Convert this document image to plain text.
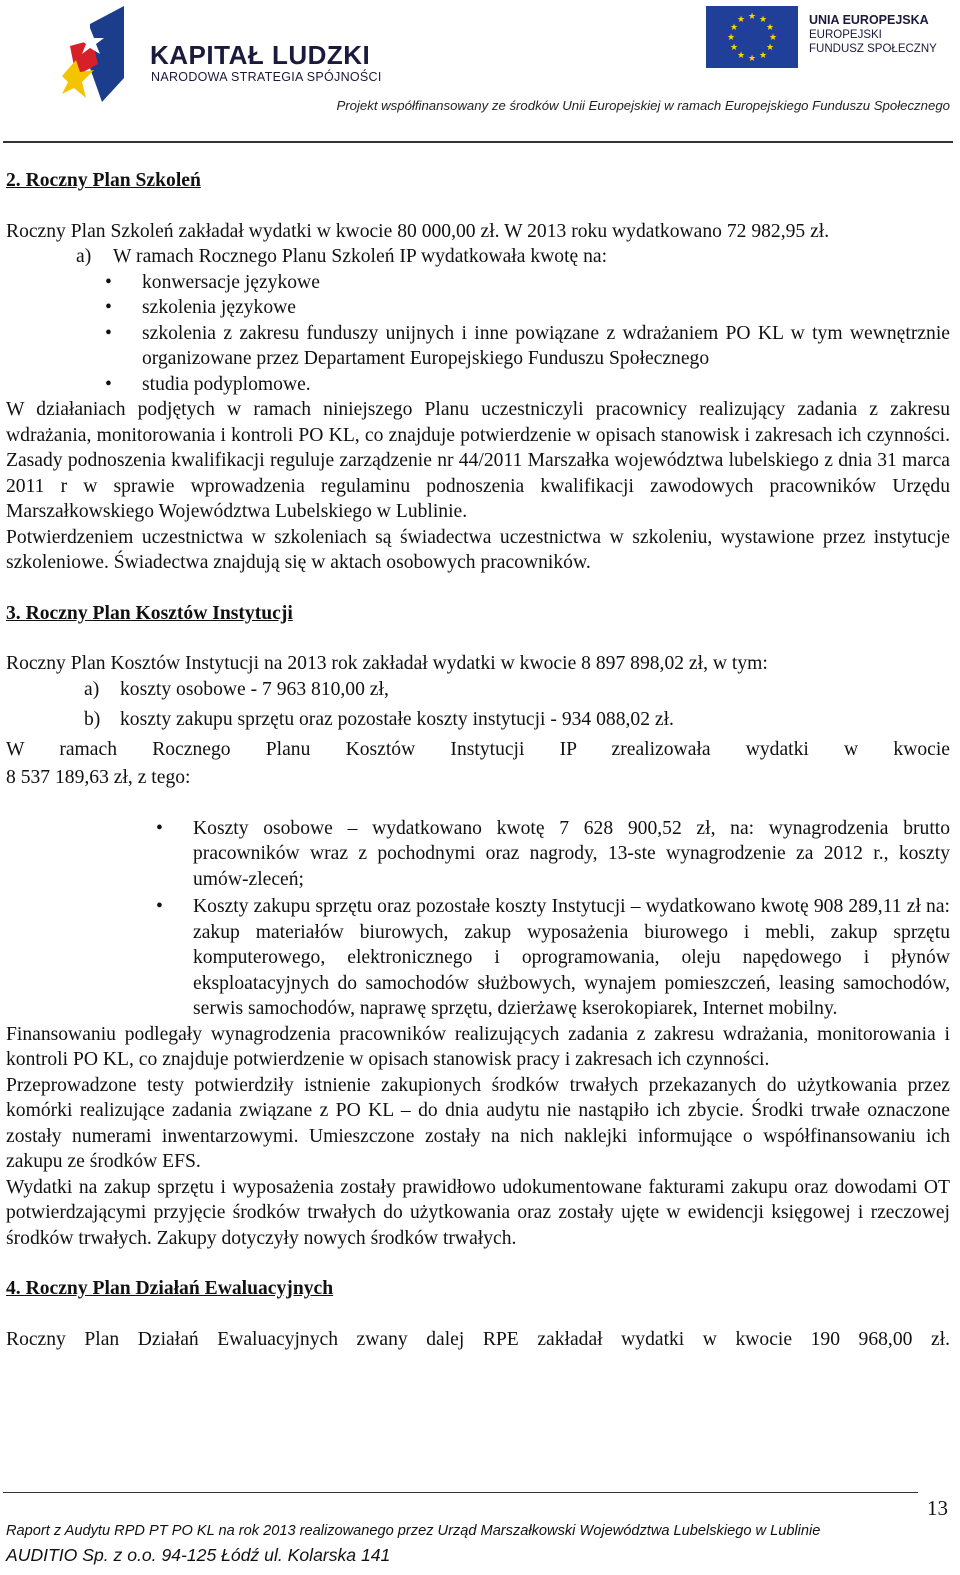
KAPITAŁ LUDZKI
NARODOWA STRATEGIA SPÓJNOŚCI
★ ★
★
★
★
★
★
★
★
★
★
★	UNIA EUROPEJSKA
EUROPEJSKI
FUNDUSZ SPOŁECZNY
Projekt współfinansowany ze środków Unii Europejskiej w ramach Europejskiego Funduszu Społecznego

2. Roczny Plan Szkoleń

Roczny Plan Szkoleń zakładał wydatki w kwocie 80 000,00 zł. W 2013 roku wydatkowano 72 982,95 zł.

a) W ramach Rocznego Planu Szkoleń IP wydatkowała kwotę na:

• konwersacje językowe

• szkolenia językowe

• szkolenia z zakresu funduszy unijnych i inne powiązane z wdrażaniem PO KL w tym wewnętrznie organizowane przez Departament Europejskiego Funduszu Społecznego

• studia podyplomowe.

W działaniach podjętych w ramach niniejszego Planu uczestniczyli pracownicy realizujący zadania z zakresu wdrażania, monitorowania i kontroli PO KL, co znajduje potwierdzenie w opisach stanowisk i zakresach ich czynności. Zasady podnoszenia kwalifikacji reguluje zarządzenie nr 44/2011 Marszałka województwa lubelskiego z dnia 31 marca 2011 r w sprawie wprowadzenia regulaminu podnoszenia kwalifikacji zawodowych pracowników Urzędu Marszałkowskiego Województwa Lubelskiego w Lublinie.

Potwierdzeniem uczestnictwa w szkoleniach są świadectwa uczestnictwa w szkoleniu, wystawione przez instytucje szkoleniowe. Świadectwa znajdują się w aktach osobowych pracowników.

3. Roczny Plan Kosztów Instytucji

Roczny Plan Kosztów Instytucji na 2013 rok zakładał wydatki w kwocie 8 897 898,02 zł, w tym:

a) koszty osobowe - 7 963 810,00 zł,

b) koszty zakupu sprzętu oraz pozostałe koszty instytucji - 934 088,02 zł.

W ramach Rocznego Planu Kosztów Instytucji IP zrealizowała wydatki w kwocie

8 537 189,63 zł, z tego:

• Koszty osobowe – wydatkowano kwotę 7 628 900,52 zł, na: wynagrodzenia brutto pracowników wraz z pochodnymi oraz nagrody, 13-ste wynagrodzenie za 2012 r., koszty umów-zleceń;

• Koszty zakupu sprzętu oraz pozostałe koszty Instytucji – wydatkowano kwotę 908 289,11 zł na: zakup materiałów biurowych, zakup wyposażenia biurowego i mebli, zakup sprzętu komputerowego, elektronicznego i oprogramowania, oleju napędowego i płynów eksploatacyjnych do samochodów służbowych, wynajem pomieszczeń, leasing samochodów, serwis samochodów, naprawę sprzętu, dzierżawę kserokopiarek, Internet mobilny.

Finansowaniu podlegały wynagrodzenia pracowników realizujących zadania z zakresu wdrażania, monitorowania i kontroli PO KL, co znajduje potwierdzenie w opisach stanowisk pracy i zakresach ich czynności.

Przeprowadzone testy potwierdziły istnienie zakupionych środków trwałych przekazanych do użytkowania przez komórki realizujące zadania związane z PO KL – do dnia audytu nie nastąpiło ich zbycie. Środki trwałe oznaczone zostały numerami inwentarzowymi. Umieszczone zostały na nich naklejki informujące o współfinansowaniu ich zakupu ze środków EFS.

Wydatki na zakup sprzętu i wyposażenia zostały prawidłowo udokumentowane fakturami zakupu oraz dowodami OT potwierdzającymi przyjęcie środków trwałych do użytkowania oraz zostały ujęte w ewidencji księgowej i rzeczowej środków trwałych. Zakupy dotyczyły nowych środków trwałych.

4. Roczny Plan Działań Ewaluacyjnych

Roczny Plan Działań Ewaluacyjnych zwany dalej RPE zakładał wydatki w kwocie 190 968,00 zł.

13
Raport z Audytu RPD PT PO KL na rok 2013 realizowanego przez Urząd Marszałkowski Województwa Lubelskiego w Lublinie
AUDITIO Sp. z o.o. 94-125 Łódź ul. Kolarska 141
